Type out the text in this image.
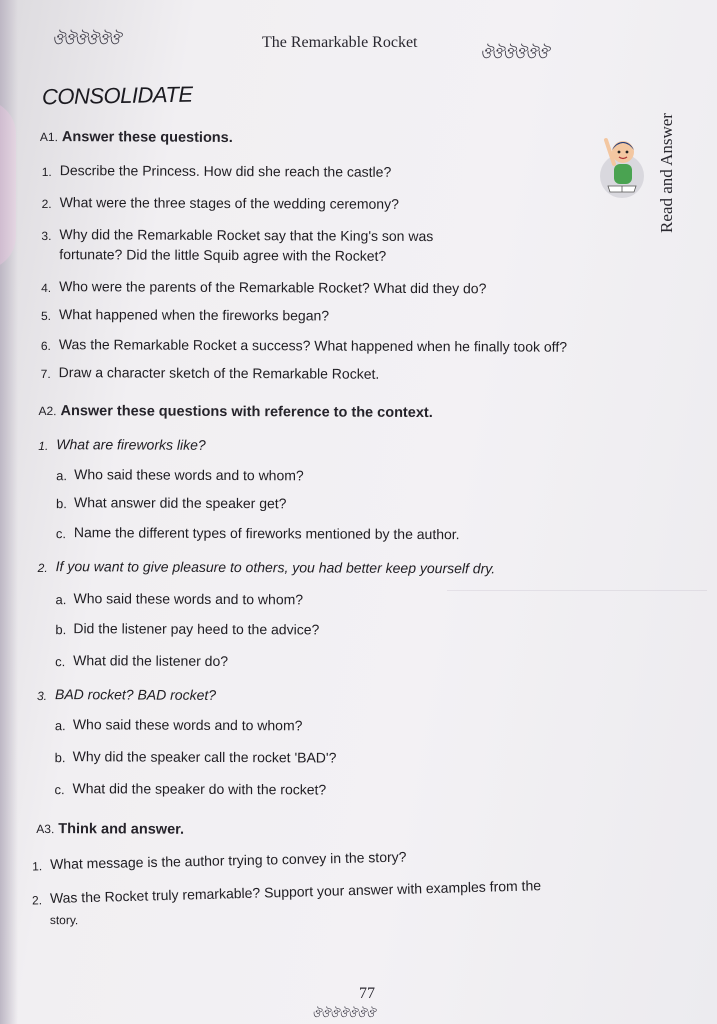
ঔঔঔঔঔঔ	The Remarkable Rocket
ঔঔঔঔঔঔ
CONSOLIDATE
Read and Answer
A1. Answer these questions.
1. Describe the Princess. How did she reach the castle?
2. What were the three stages of the wedding ceremony?
3. Why did the Remarkable Rocket say that the King's son was
fortunate? Did the little Squib agree with the Rocket?
4. Who were the parents of the Remarkable Rocket? What did they do?
5. What happened when the fireworks began?
6. Was the Remarkable Rocket a success? What happened when he finally took off?
7. Draw a character sketch of the Remarkable Rocket.
A2. Answer these questions with reference to the context.
1. What are fireworks like?
a. Who said these words and to whom?
b. What answer did the speaker get?
c. Name the different types of fireworks mentioned by the author.
2. If you want to give pleasure to others, you had better keep yourself dry.
a. Who said these words and to whom?
b. Did the listener pay heed to the advice?
c. What did the listener do?
3. BAD rocket? BAD rocket?
a. Who said these words and to whom?
b. Why did the speaker call the rocket 'BAD'?
c. What did the speaker do with the rocket?
A3. Think and answer.
1. What message is the author trying to convey in the story?
2. Was the Rocket truly remarkable? Support your answer with examples from the
story.
77
ঔঔঔঔঔঔঔ
